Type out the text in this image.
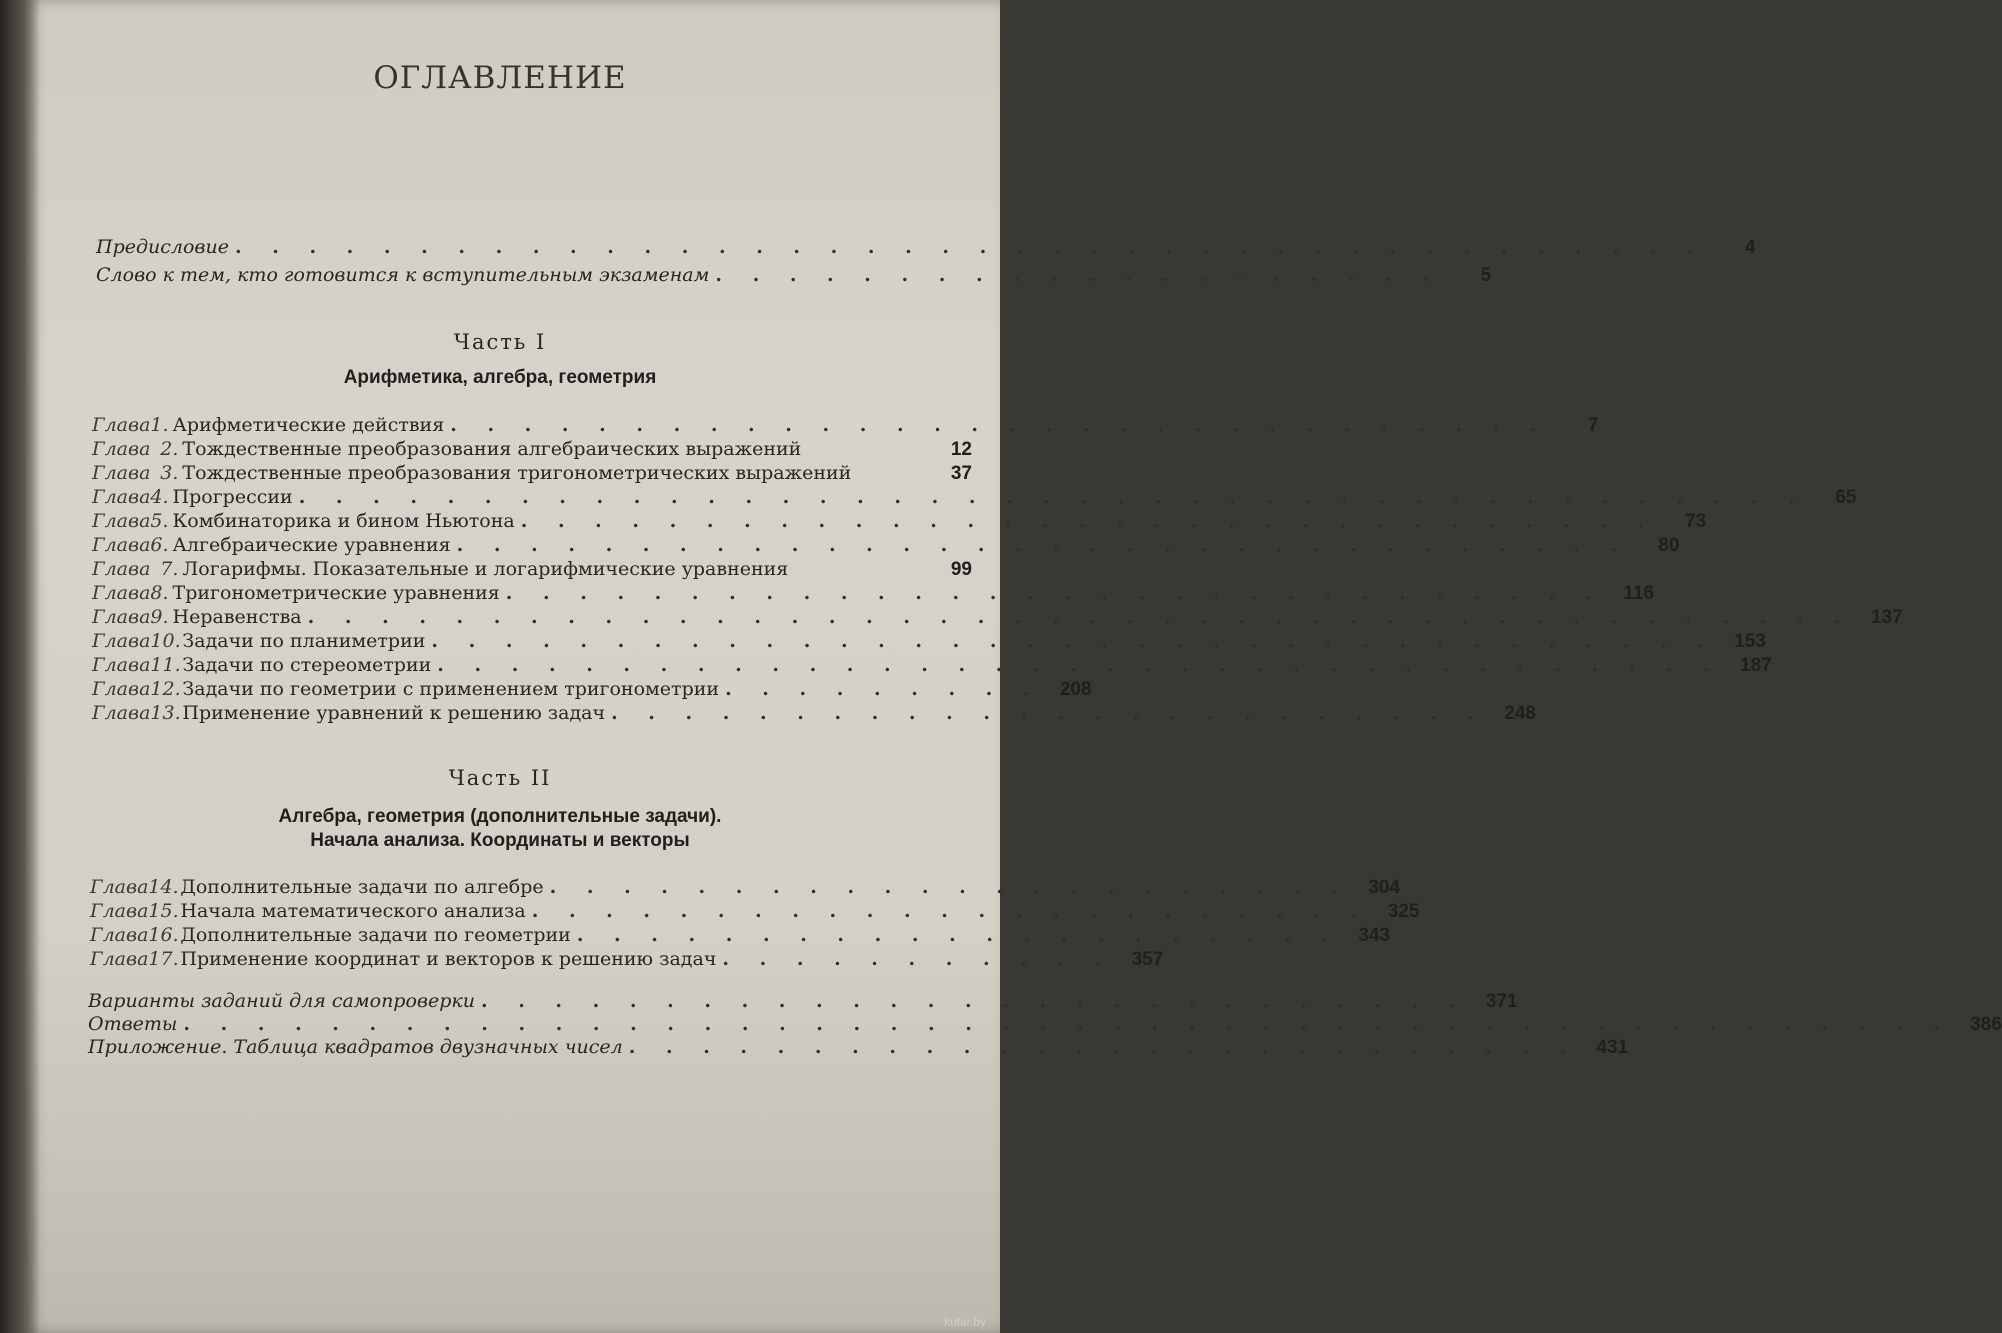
ОГЛАВЛЕНИЕ
Предисловие . . . . . . . . . . . . . . . . . . . . . . . . . . . . . . . . . . . . . . . .	4
Слово к тем, кто готовится к вступительным экзаменам . . . . . . . . . . . . . . . . . . . .	5
Часть I
Арифметика, алгебра, геометрия
Глава 1. Арифметические действия . . . . . . . . . . . . . . . . . . . . . . . . . . . . . .	7
Глава 2. Тождественные преобразования алгебраических выражений	12
Глава 3. Тождественные преобразования тригонометрических выражений	37
Глава 4. Прогрессии . . . . . . . . . . . . . . . . . . . . . . . . . . . . . . . . . . . . . . . . .	65
Глава 5. Комбинаторика и бином Ньютона . . . . . . . . . . . . . . . . . . . . . . . . . . . . . . .	73
Глава 6. Алгебраические уравнения . . . . . . . . . . . . . . . . . . . . . . . . . . . . . . . .	80
Глава 7. Логарифмы. Показательные и логарифмические уравнения	99
Глава 8. Тригонометрические уравнения . . . . . . . . . . . . . . . . . . . . . . . . . . . . . .	116
Глава 9. Неравенства . . . . . . . . . . . . . . . . . . . . . . . . . . . . . . . . . . . . . . . . . . 137
Глава 10. Задачи по планиметрии . . . . . . . . . . . . . . . . . . . . . . . . . . . . . . . . . . . 153
Глава 11. Задачи по стереометрии . . . . . . . . . . . . . . . . . . . . . . . . . . . . . . . . . . . 187
Глава 12. Задачи по геометрии с применением тригонометрии . . . . . . . . . 208
Глава 13. Применение уравнений к решению задач . . . . . . . . . . . . . . . . . . . . . . . . 248
Часть II
Алгебра, геометрия (дополнительные задачи).
Начала анализа. Координаты и векторы
Глава 14. Дополнительные задачи по алгебре . . . . . . . . . . . . . . . . . . . . . . 304
Глава 15. Начала математического анализа . . . . . . . . . . . . . . . . . . . . . . . 325
Глава 16. Дополнительные задачи по геометрии . . . . . . . . . . . . . . . . . . . . . 343
Глава 17. Применение координат и векторов к решению задач . . . . . . . . . . . 357
Варианты заданий для самопроверки . . . . . . . . . . . . . . . . . . . . . . . . . . . 371
Ответы . . . . . . . . . . . . . . . . . . . . . . . . . . . . . . . . . . . . . . . . . . . . . . . . 386
Приложение. Таблица квадратов двузначных чисел . . . . . . . . . . . . . . . . . . . . . . . . . . 431
kufar.by
